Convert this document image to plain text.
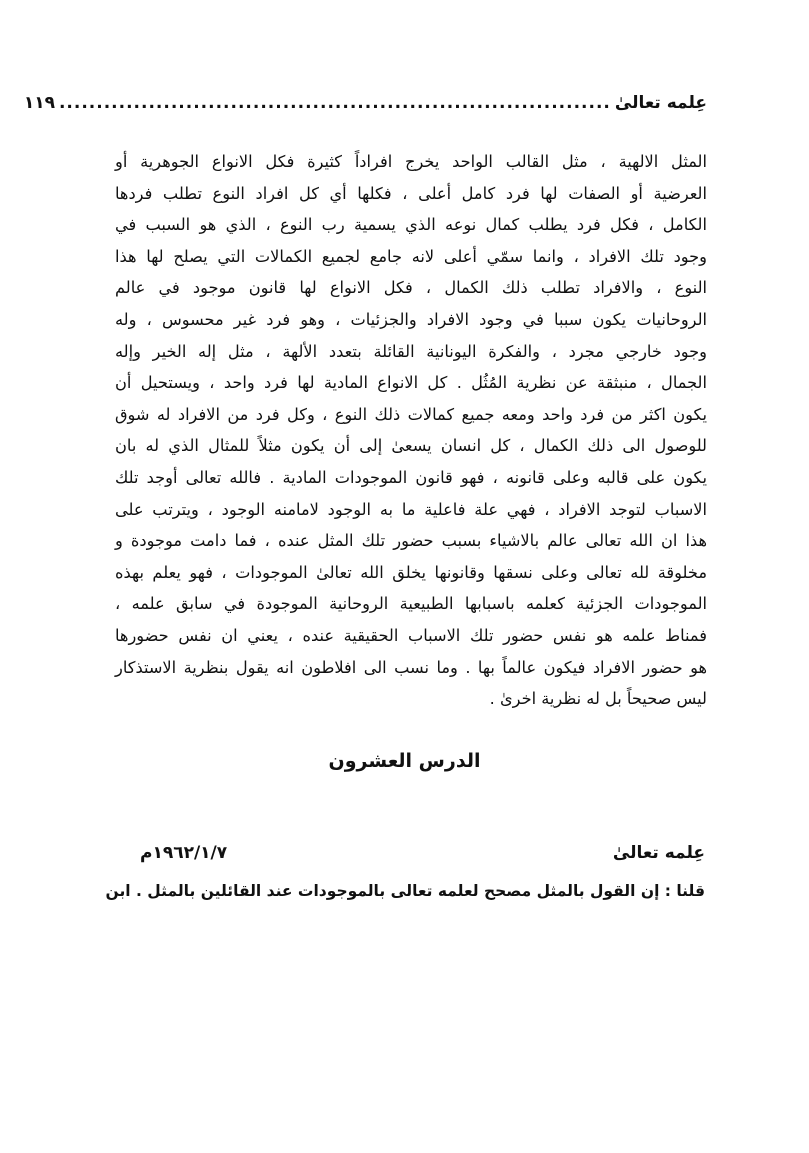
عِلمه تعالیٰ
..........................................................................
١١٩
المثل الالهية ، مثل القالب الواحد يخرج افراداً كثيرة فكل الانواع الجوهرية أو
العرضية أو الصفات لها فرد كامل أعلى ، فكلها أي كل افراد النوع تطلب فردها
الكامل ، فكل فرد يطلب كمال نوعه الذي يسمية رب النوع ، الذي هو السبب في
وجود تلك الافراد ، وانما سمّي أعلى لانه جامع لجميع الكمالات التي يصلح لها هذا
النوع ، والافراد تطلب ذلك الكمال ، فكل الانواع لها قانون موجود في عالم
الروحانيات يكون سببا في وجود الافراد والجزئيات ، وهو فرد غير محسوس ، وله
وجود خارجي مجرد ، والفكرة اليونانية القائلة بتعدد الألهة ، مثل إله الخير وإله
الجمال ، منبثقة عن نظرية المُثُل . كل الانواع المادية لها فرد واحد ، ويستحيل أن
يكون اكثر من فرد واحد ومعه جميع كمالات ذلك النوع ، وكل فرد من الافراد له شوق
للوصول الى ذلك الكمال ، كل انسان يسعىٰ إلى أن يكون مثلاً للمثال الذي له بان
يكون على قالبه وعلى قانونه ، فهو قانون الموجودات المادية . فالله تعالى أوجد تلك
الاسباب لتوجد الافراد ، فهي علة فاعلية ما به الوجود لامامنه الوجود ، ويترتب على
هذا ان الله تعالى عالم بالاشياء بسبب حضور تلك المثل عنده ، فما دامت موجودة و
مخلوقة لله تعالى وعلى نسقها وقانونها يخلق الله تعالىٰ الموجودات ، فهو يعلم بهذه
الموجودات الجزئية كعلمه باسبابها الطبيعية الروحانية الموجودة في سابق علمه ،
فمناط علمه هو نفس حضور تلك الاسباب الحقيقية عنده ، يعني ان نفس حضورها
هو حضور الافراد فيكون عالماً بها . وما نسب الى افلاطون انه يقول بنظرية الاستذكار
ليس صحيحاً بل له نظرية اخرىٰ .
الدرس العشرون
عِلمه تعالیٰ
١٩٦٢/١/٧م
قلنا : إن القول بالمثل مصحح لعلمه تعالى بالموجودات عند القائلين بالمثل . ابن
